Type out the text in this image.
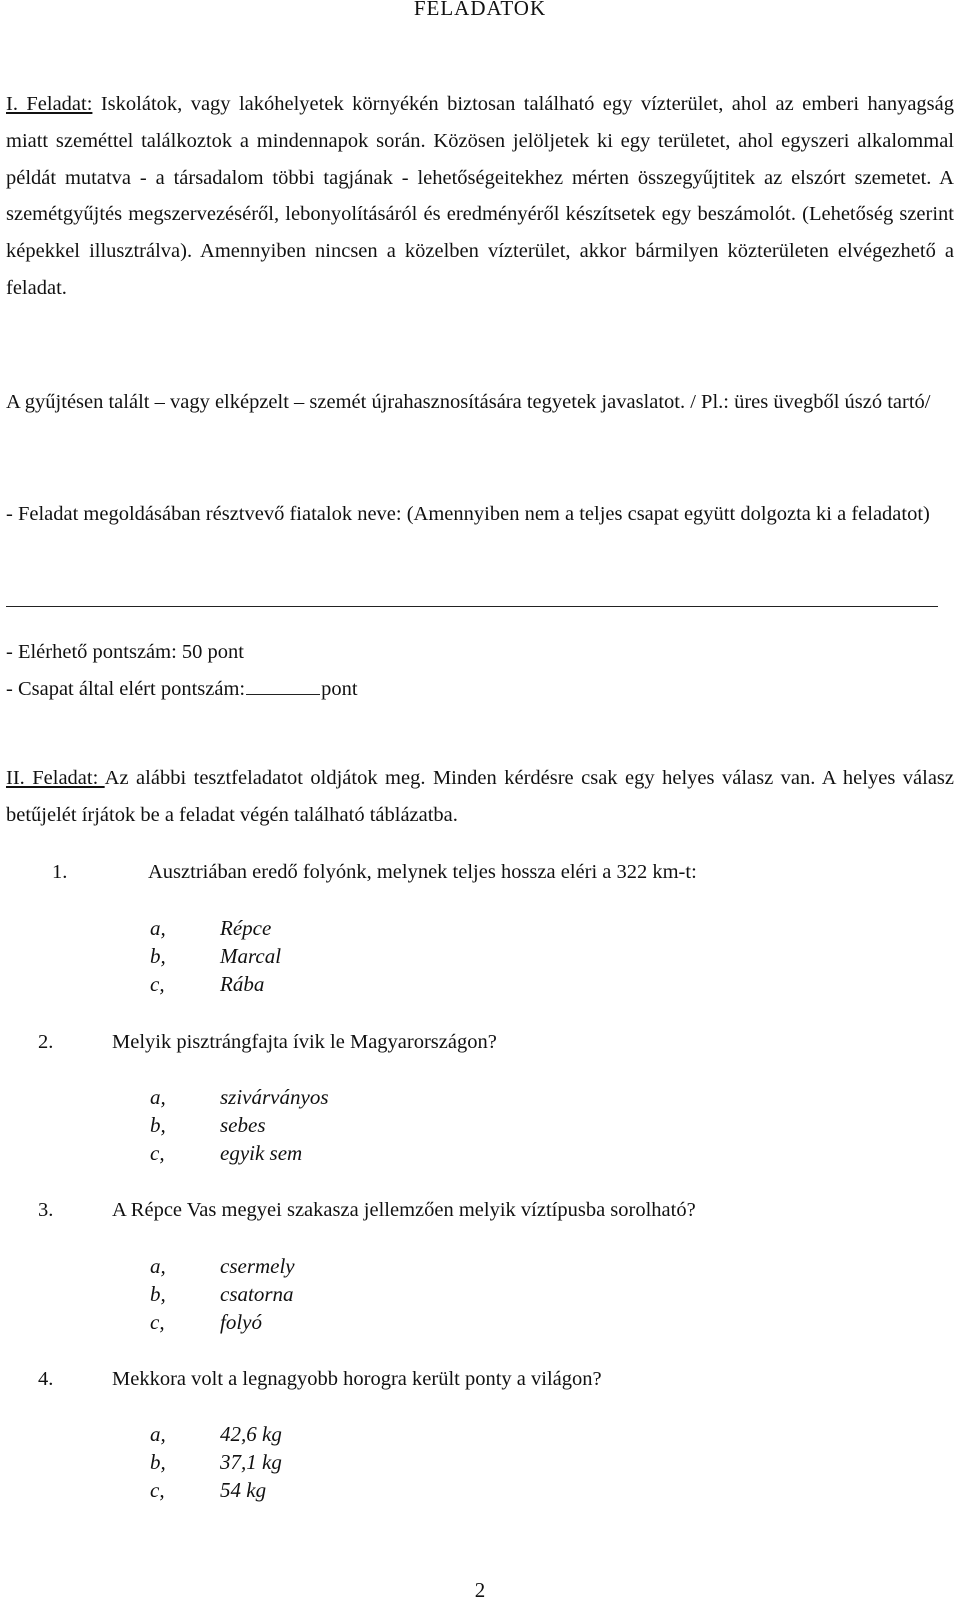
FELADATOK
I. Feladat: Iskolátok, vagy lakóhelyetek környékén biztosan található egy vízterület, ahol az emberi hanyagság miatt szeméttel találkoztok a mindennapok során. Közösen jelöljetek ki egy területet, ahol egyszeri alkalommal példát mutatva - a társadalom többi tagjának - lehetőségeitekhez mérten összegyűjtitek az elszórt szemetet. A szemétgyűjtés megszervezéséről, lebonyolításáról és eredményéről készítsetek egy beszámolót. (Lehetőség szerint képekkel illusztrálva). Amennyiben nincsen a közelben vízterület, akkor bármilyen közterületen elvégezhető a feladat.
A gyűjtésen talált – vagy elképzelt – szemét újrahasznosítására tegyetek javaslatot. / Pl.: üres üvegből úszó tartó/
- Feladat megoldásában résztvevő fiatalok neve: (Amennyiben nem a teljes csapat együtt dolgozta ki a feladatot)
- Elérhető pontszám: 50 pont
- Csapat által elért pontszám:	pont
II. Feladat: Az alábbi tesztfeladatot oldjátok meg. Minden kérdésre csak egy helyes válasz van. A helyes válasz betűjelét írjátok be a feladat végén található táblázatba.
1.	Ausztriában eredő folyónk, melynek teljes hossza eléri a 322 km-t:
a,	Répce
b,	Marcal
c,	Rába
2.	Melyik pisztrángfajta ívik le Magyarországon?
a,	szivárványos
b,	sebes
c,	egyik sem
3.	A Répce Vas megyei szakasza jellemzően melyik víztípusba sorolható?
a,	csermely
b,	csatorna
c,	folyó
4.	Mekkora volt a legnagyobb horogra került ponty a világon?
a,	42,6 kg
b,	37,1 kg
c,	54 kg
2
